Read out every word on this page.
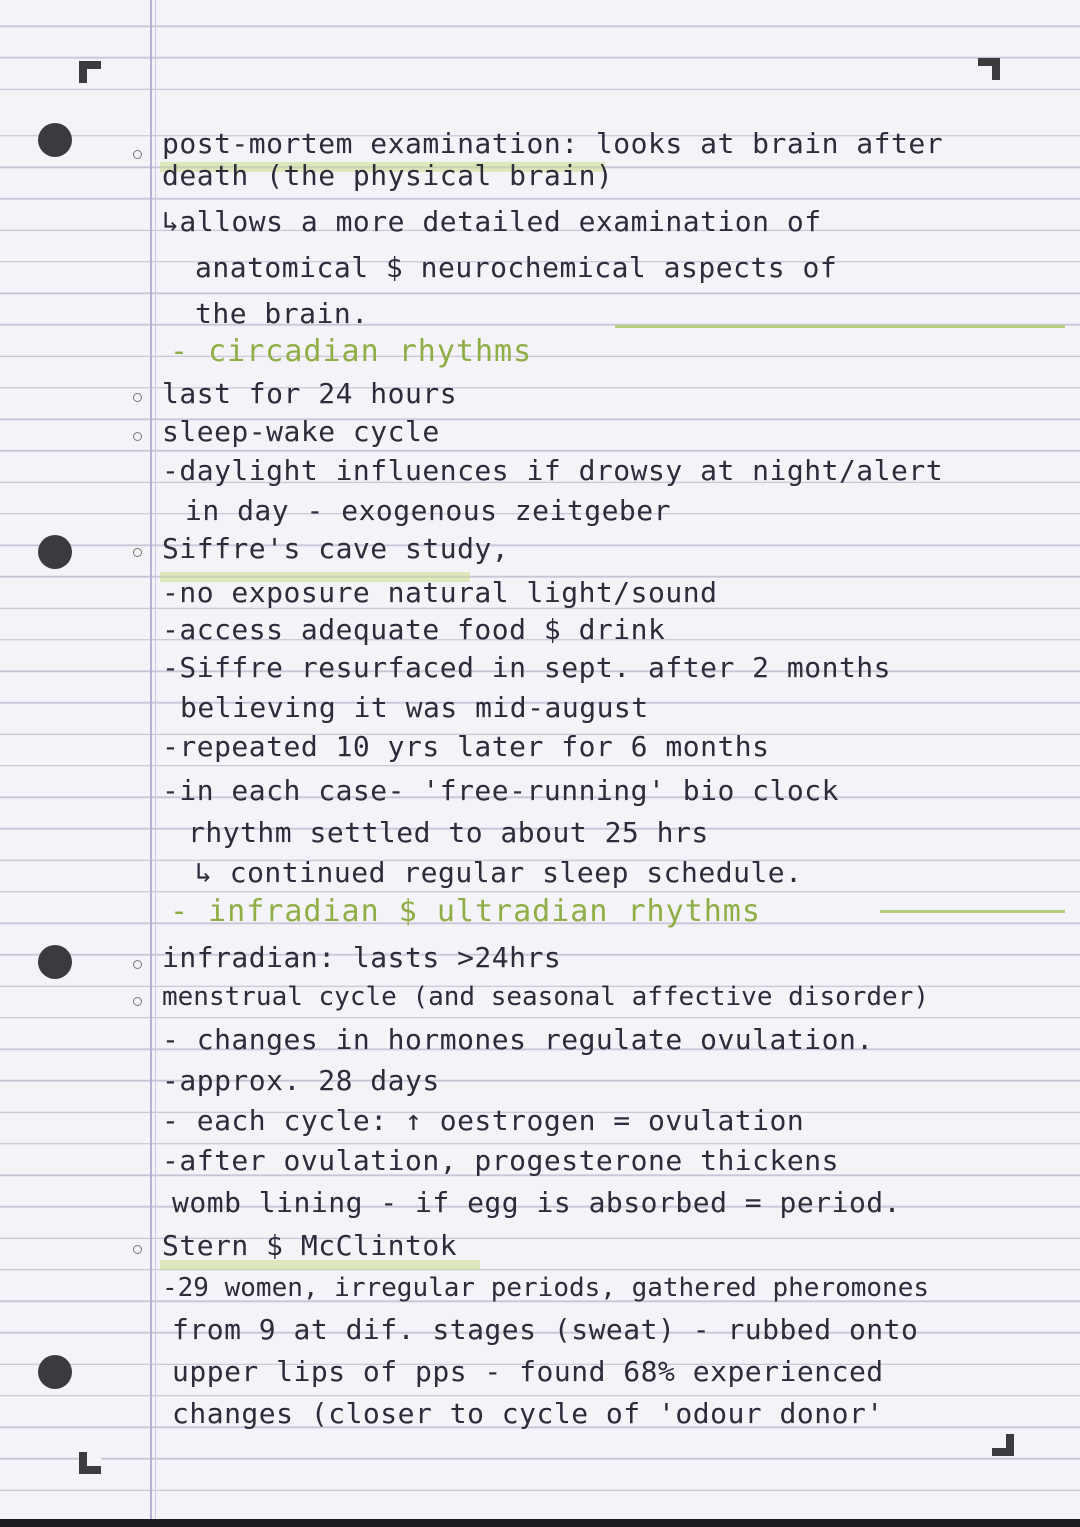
post-mortem examination: looks at brain after
death (the physical brain)
↳allows a more detailed examination of
anatomical $ neurochemical aspects of
the brain.
- circadian rhythms
last for 24 hours
sleep-wake cycle
-daylight influences if drowsy at night/alert
in day - exogenous zeitgeber
Siffre's cave study,
-no exposure natural light/sound
-access adequate food $ drink
-Siffre resurfaced in sept. after 2 months
believing it was mid-august
-repeated 10 yrs later for 6 months
-in each case- 'free-running' bio clock
rhythm settled to about 25 hrs
↳ continued regular sleep schedule.
- infradian $ ultradian rhythms
infradian: lasts >24hrs
menstrual cycle (and seasonal affective disorder)
- changes in hormones regulate ovulation.
-approx. 28 days
- each cycle: ↑ oestrogen = ovulation
-after ovulation, progesterone thickens
womb lining - if egg is absorbed = period.
Stern $ McClintok
-29 women, irregular periods, gathered pheromones
from 9 at dif. stages (sweat) - rubbed onto
upper lips of pps - found 68% experienced
changes (closer to cycle of 'odour donor'
